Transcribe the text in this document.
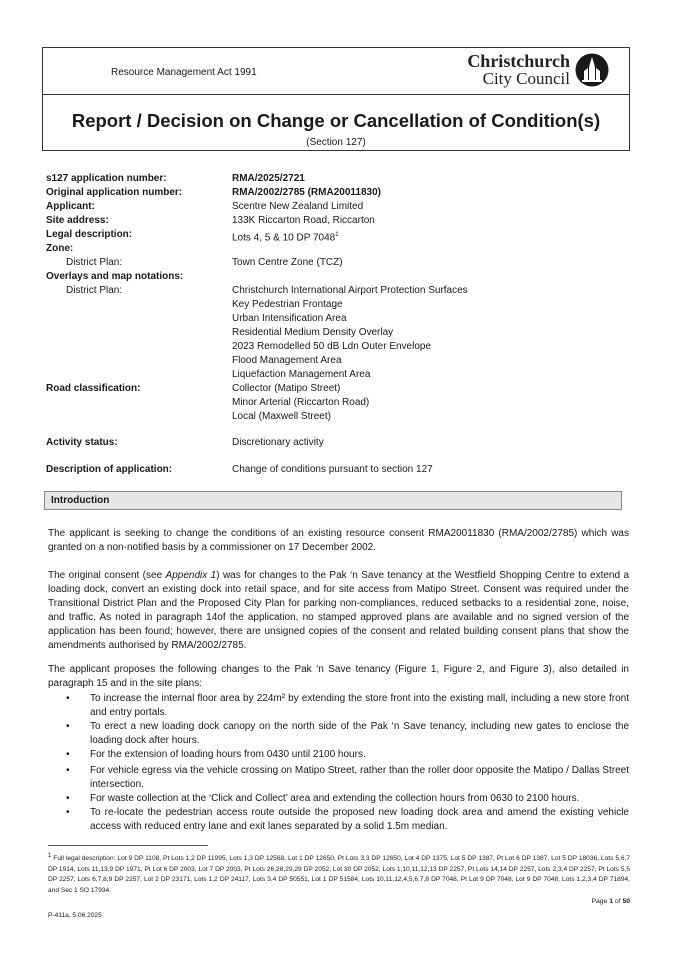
Resource Management Act 1991
Christchurch
City Council
Report / Decision on Change or Cancellation of Condition(s)
(Section 127)
s127 application number:	RMA/2025/2721
Original application number:	RMA/2002/2785 (RMA20011830)
Applicant:	Scentre New Zealand Limited
Site address:	133K Riccarton Road, Riccarton
Legal description:	Lots 4, 5 & 10 DP 7048$^1$
Zone:
District Plan:	Town Centre Zone (TCZ)
Overlays and map notations:
District Plan:	Christchurch International Airport Protection Surfaces
Key Pedestrian Frontage
Urban Intensification Area
Residential Medium Density Overlay
2023 Remodelled 50 dB Ldn Outer Envelope
Flood Management Area
Liquefaction Management Area
Road classification:	Collector (Matipo Street)
Minor Arterial (Riccarton Road)
Local (Maxwell Street)
Activity status:	Discretionary activity
Description of application:	Change of conditions pursuant to section 127
Introduction
The applicant is seeking to change the conditions of an existing resource consent RMA20011830 (RMA/2002/2785) which was granted on a non-notified basis by a commissioner on 17 December 2002.
The original consent (see Appendix 1) was for changes to the Pak ‘n Save tenancy at the Westfield Shopping Centre to extend a loading dock, convert an existing dock into retail space, and for site access from Matipo Street. Consent was required under the Transitional District Plan and the Proposed City Plan for parking non-compliances, reduced setbacks to a residential zone, noise, and traffic. As noted in paragraph 14of the application, no stamped approved plans are available and no signed version of the application has been found; however, there are unsigned copies of the consent and related building consent plans that show the amendments authorised by RMA/2002/2785.
The applicant proposes the following changes to the Pak ‘n Save tenancy (Figure 1, Figure 2, and Figure 3), also detailed in paragraph 15 and in the site plans:
• To increase the internal floor area by 224m² by extending the store front into the existing mall, including a new store front and entry portals.
• To erect a new loading dock canopy on the north side of the Pak ‘n Save tenancy, including new gates to enclose the loading dock after hours.
• For the extension of loading hours from 0430 until 2100 hours.
• For vehicle egress via the vehicle crossing on Matipo Street, rather than the roller door opposite the Matipo / Dallas Street intersection.
• For waste collection at the ‘Click and Collect’ area and extending the collection hours from 0630 to 2100 hours.
• To re-locate the pedestrian access route outside the proposed new loading dock area and amend the existing vehicle access with reduced entry lane and exit lanes separated by a solid 1.5m median.
$^1$ Full legal description: Lot 9 DP 1108, Pt Lots 1,2 DP 11995, Lots 1,3 DP 12568, Lot 1 DP 12650, Pt Lots 3,3 DP 12650, Lot 4 DP 1375, Lot 5 DP 1387, Pt Lot 6 DP 1387, Lot 5 DP 18036, Lots 5,6,7 DP 1914, Lots 11,13,9 DP 1971, Pt Lot 6 DP 2003, Lot 7 DP 2003, Pt Lots 26,28,29,29 DP 2052, Lot 30 DP 2052, Lots 1,10,11,12,13 DP 2257, Pt Lots 14,14 DP 2257, Lots 2,3,4 DP 2257, Pt Lots 5,5 DP 2257, Lots 6,7,8,9 DP 2257, Lot 2 DP 23171, Lots 1,2 DP 24117, Lots 3,4 DP 50551, Lot 1 DP 51584, Lots 10,11,12,4,5,6,7,8 DP 7048, Pt Lot 9 DP 7048, Lot 9 DP 7048, Lots 1,2,3,4 DP 71894, and Sec 1 SO 17934.
Page 1 of 50
P-411a, 5.06.2025
